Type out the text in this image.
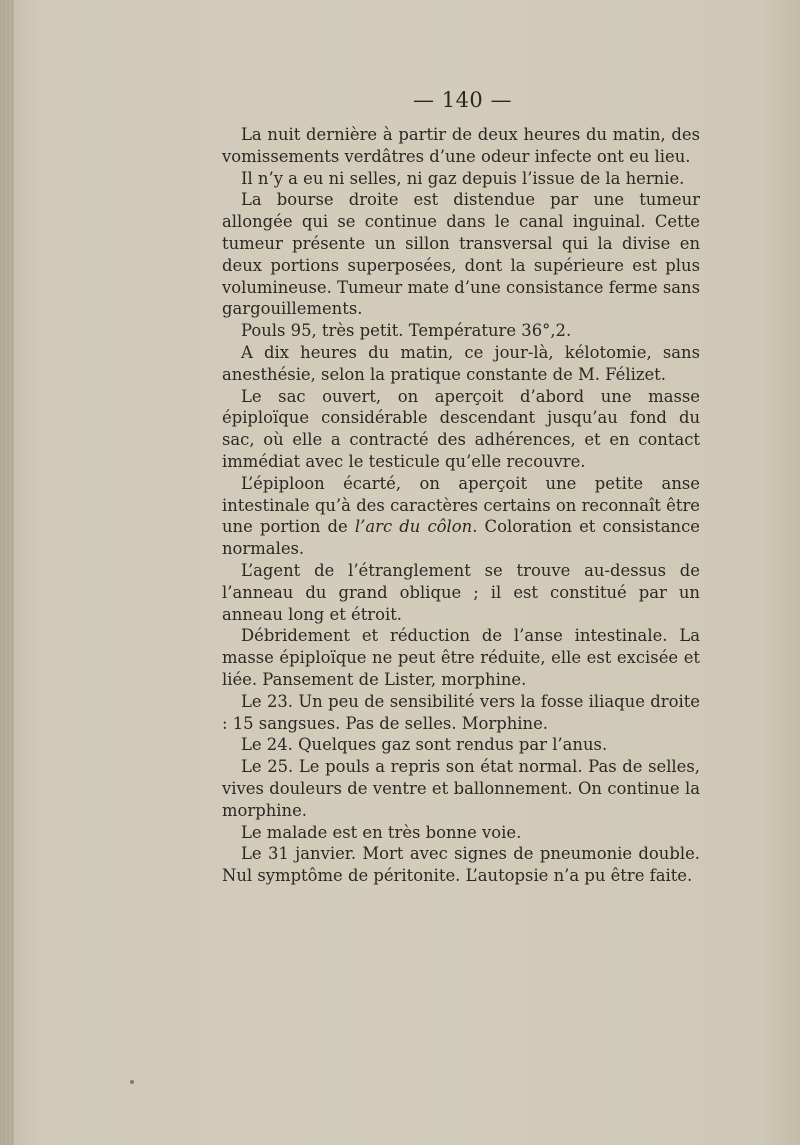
— 140 —

La nuit dernière à partir de deux heures du matin, des vomissements verdâtres d’une odeur infecte ont eu lieu.

Il n’y a eu ni selles, ni gaz depuis l’issue de la hernie.

La bourse droite est distendue par une tumeur allongée qui se continue dans le canal inguinal. Cette tumeur présente un sillon transversal qui la divise en deux portions superposées, dont la supérieure est plus volumineuse. Tumeur mate d’une consistance ferme sans gargouillements.

Pouls 95, très petit. Température 36°,2.

A dix heures du matin, ce jour-là, kélotomie, sans anesthésie, selon la pratique constante de M. Félizet.

Le sac ouvert, on aperçoit d’abord une masse épiploïque considérable descendant jusqu’au fond du sac, où elle a contracté des adhérences, et en contact immédiat avec le testicule qu’elle recouvre.

L’épiploon écarté, on aperçoit une petite anse intestinale qu’à des caractères certains on reconnaît être une portion de l’arc du côlon. Coloration et consistance normales.

L’agent de l’étranglement se trouve au-dessus de l’anneau du grand oblique ; il est constitué par un anneau long et étroit.

Débridement et réduction de l’anse intestinale. La masse épiploïque ne peut être réduite, elle est excisée et liée. Pansement de Lister, morphine.

Le 23. Un peu de sensibilité vers la fosse iliaque droite : 15 sangsues. Pas de selles. Morphine.

Le 24. Quelques gaz sont rendus par l’anus.

Le 25. Le pouls a repris son état normal. Pas de selles, vives douleurs de ventre et ballonnement. On continue la morphine.

Le malade est en très bonne voie.

Le 31 janvier. Mort avec signes de pneumonie double. Nul symptôme de péritonite. L’autopsie n’a pu être faite.
